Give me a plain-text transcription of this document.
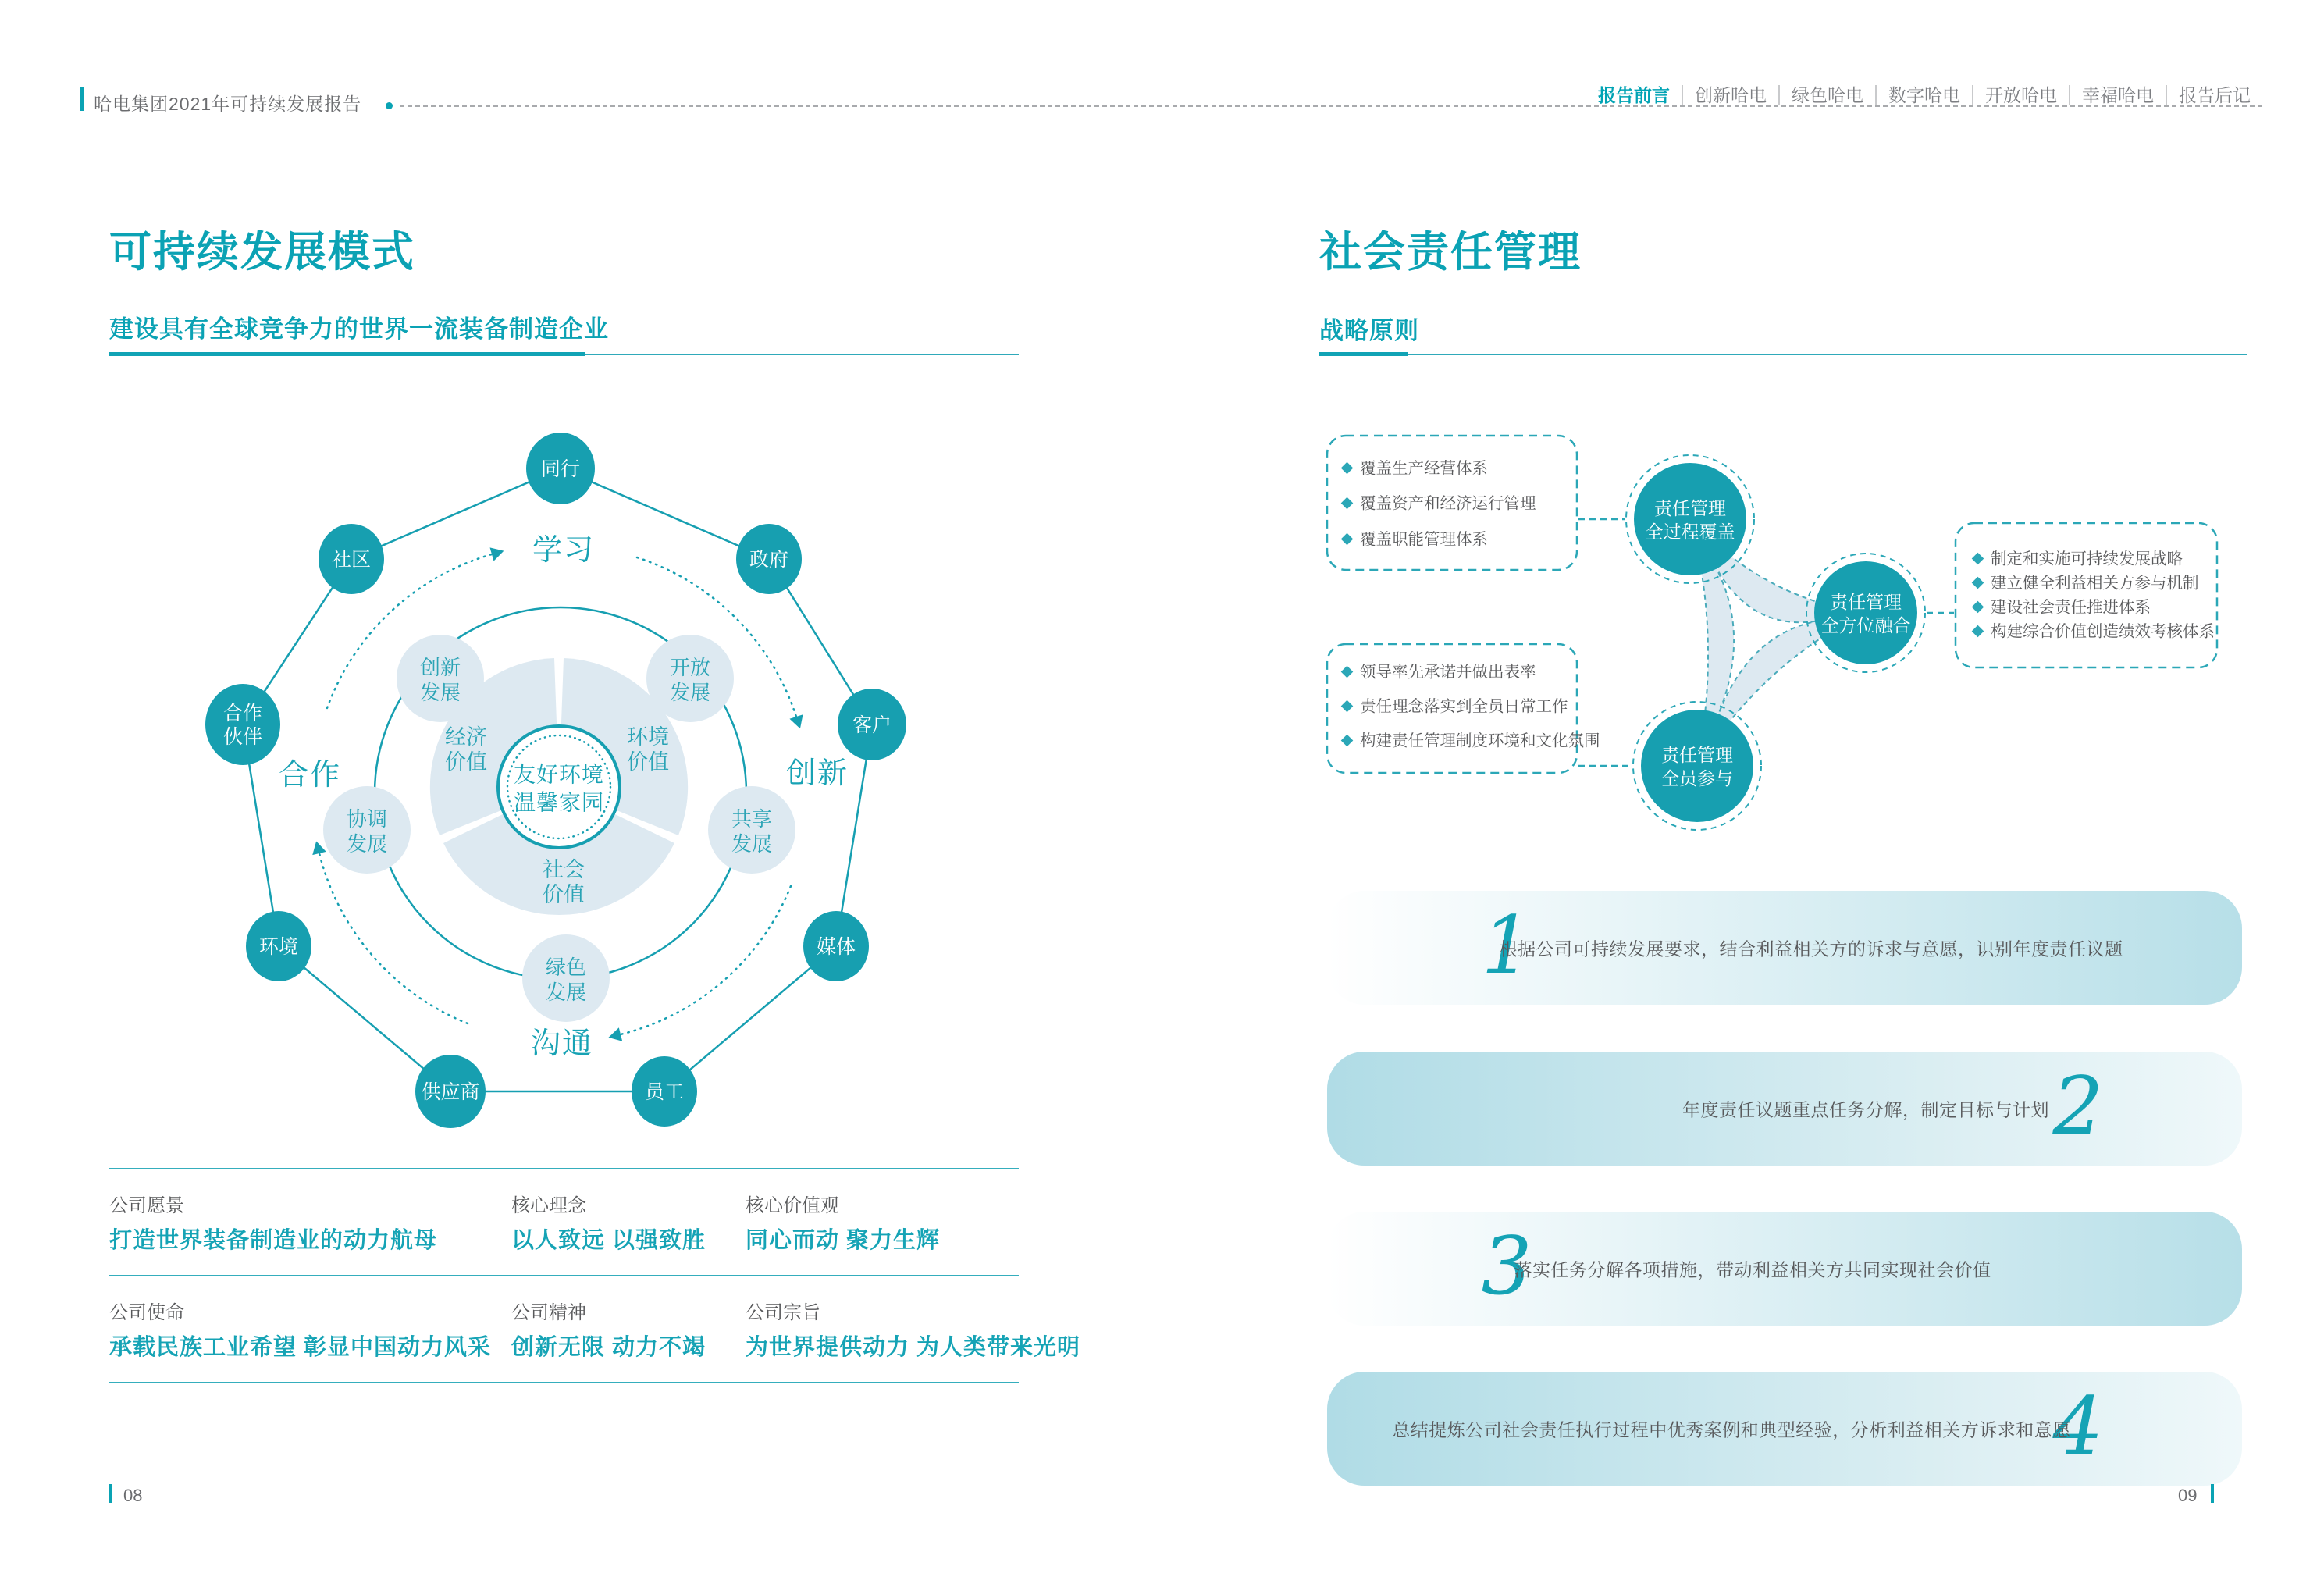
哈电集团2021年可持续发展报告	报告前言 创新哈电 绿色哈电 数字哈电 开放哈电 幸福哈电 报告后记
可持续发展模式
建设具有全球竞争力的世界一流装备制造企业
经济
价值
环境
价值
社会
价值
友好环境
温馨家园
创新
发展
开放
发展
协调
发展
共享
发展
绿色
发展
学习
创新
沟通
合作
同行
社区	政府
合作
伙伴
客户
环境	媒体
供应商	员工
公司愿景
打造世界装备制造业的动力航母
核心理念
以人致远 以强致胜
核心价值观
同心而动 聚力生辉
公司使命
承载民族工业希望 彰显中国动力风采
公司精神
创新无限 动力不竭
公司宗旨
为世界提供动力 为人类带来光明
社会责任管理
战略原则
覆盖生产经营体系
覆盖资产和经济运行管理
覆盖职能管理体系
领导率先承诺并做出表率
责任理念落实到全员日常工作
构建责任管理制度环境和文化氛围
制定和实施可持续发展战略
建立健全利益相关方参与机制
建设社会责任推进体系
构建综合价值创造绩效考核体系
责任管理
全过程覆盖
责任管理
全员参与
责任管理
全方位融合
1
根据公司可持续发展要求，结合利益相关方的诉求与意愿，识别年度责任议题
2
年度责任议题重点任务分解，制定目标与计划
3
落实任务分解各项措施，带动利益相关方共同实现社会价值
4
总结提炼公司社会责任执行过程中优秀案例和典型经验，分析利益相关方诉求和意愿
08	09
